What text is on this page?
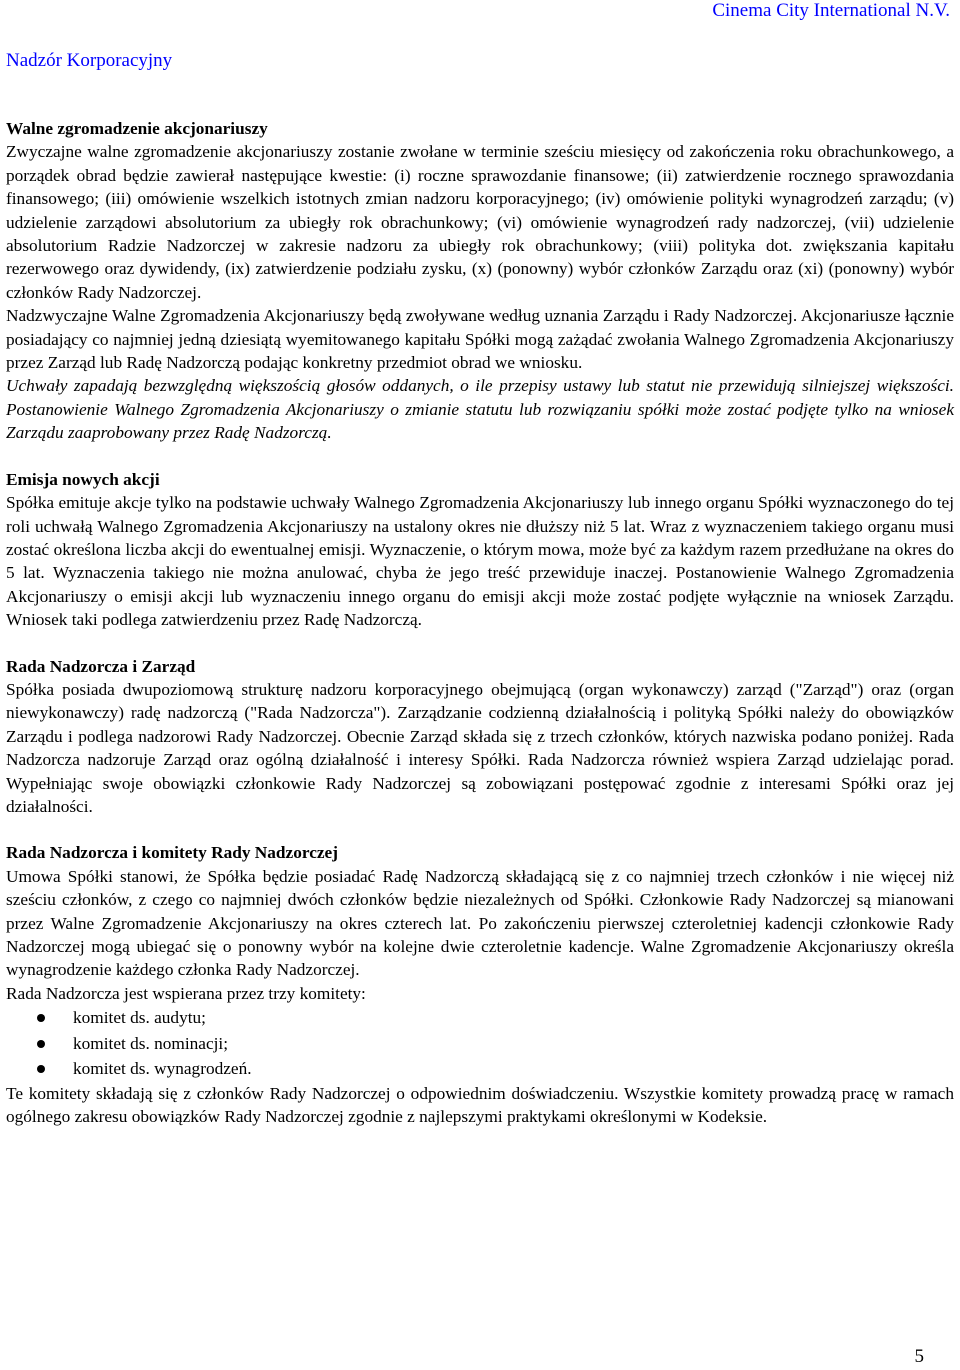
Cinema City International N.V.
Nadzór Korporacyjny
Walne zgromadzenie akcjonariuszy

Zwyczajne walne zgromadzenie akcjonariuszy zostanie zwołane w terminie sześciu miesięcy od zakończenia roku obrachunkowego, a porządek obrad będzie zawierał następujące kwestie: (i) roczne sprawozdanie finansowe; (ii) zatwierdzenie rocznego sprawozdania finansowego; (iii) omówienie wszelkich istotnych zmian nadzoru korporacyjnego; (iv) omówienie polityki wynagrodzeń zarządu; (v) udzielenie zarządowi absolutorium za ubiegły rok obrachunkowy; (vi) omówienie wynagrodzeń rady nadzorczej, (vii) udzielenie absolutorium Radzie Nadzorczej w zakresie nadzoru za ubiegły rok obrachunkowy; (viii) polityka dot. zwiększania kapitału rezerwowego oraz dywidendy, (ix) zatwierdzenie podziału zysku, (x) (ponowny) wybór członków Zarządu oraz (xi) (ponowny) wybór członków Rady Nadzorczej.

Nadzwyczajne Walne Zgromadzenia Akcjonariuszy będą zwoływane według uznania Zarządu i Rady Nadzorczej. Akcjonariusze łącznie posiadający co najmniej jedną dziesiątą wyemitowanego kapitału Spółki mogą zażądać zwołania Walnego Zgromadzenia Akcjonariuszy przez Zarząd lub Radę Nadzorczą podając konkretny przedmiot obrad we wniosku.

Uchwały zapadają bezwzględną większością głosów oddanych, o ile przepisy ustawy lub statut nie przewidują silniejszej większości. Postanowienie Walnego Zgromadzenia Akcjonariuszy o zmianie statutu lub rozwiązaniu spółki może zostać podjęte tylko na wniosek Zarządu zaaprobowany przez Radę Nadzorczą.

Emisja nowych akcji

Spółka emituje akcje tylko na podstawie uchwały Walnego Zgromadzenia Akcjonariuszy lub innego organu Spółki wyznaczonego do tej roli uchwałą Walnego Zgromadzenia Akcjonariuszy na ustalony okres nie dłuższy niż 5 lat. Wraz z wyznaczeniem takiego organu musi zostać określona liczba akcji do ewentualnej emisji. Wyznaczenie, o którym mowa, może być za każdym razem przedłużane na okres do 5 lat. Wyznaczenia takiego nie można anulować, chyba że jego treść przewiduje inaczej. Postanowienie Walnego Zgromadzenia Akcjonariuszy o emisji akcji lub wyznaczeniu innego organu do emisji akcji może zostać podjęte wyłącznie na wniosek Zarządu. Wniosek taki podlega zatwierdzeniu przez Radę Nadzorczą.

Rada Nadzorcza i Zarząd

Spółka posiada dwupoziomową strukturę nadzoru korporacyjnego obejmującą (organ wykonawczy) zarząd ("Zarząd") oraz (organ niewykonawczy) radę nadzorczą ("Rada Nadzorcza"). Zarządzanie codzienną działalnością i polityką Spółki należy do obowiązków Zarządu i podlega nadzorowi Rady Nadzorczej. Obecnie Zarząd składa się z trzech członków, których nazwiska podano poniżej. Rada Nadzorcza nadzoruje Zarząd oraz ogólną działalność i interesy Spółki. Rada Nadzorcza również wspiera Zarząd udzielając porad. Wypełniając swoje obowiązki członkowie Rady Nadzorczej są zobowiązani postępować zgodnie z interesami Spółki oraz jej działalności.

Rada Nadzorcza i komitety Rady Nadzorczej

Umowa Spółki stanowi, że Spółka będzie posiadać Radę Nadzorczą składającą się z co najmniej trzech członków i nie więcej niż sześciu członków, z czego co najmniej dwóch członków będzie niezależnych od Spółki. Członkowie Rady Nadzorczej są mianowani przez Walne Zgromadzenie Akcjonariuszy na okres czterech lat. Po zakończeniu pierwszej czteroletniej kadencji członkowie Rady Nadzorczej mogą ubiegać się o ponowny wybór na kolejne dwie czteroletnie kadencje. Walne Zgromadzenie Akcjonariuszy określa wynagrodzenie każdego członka Rady Nadzorczej.

Rada Nadzorcza jest wspierana przez trzy komitety:

komitet ds. audytu;
komitet ds. nominacji;
komitet ds. wynagrodzeń.

Te komitety składają się z członków Rady Nadzorczej o odpowiednim doświadczeniu. Wszystkie komitety prowadzą pracę w ramach ogólnego zakresu obowiązków Rady Nadzorczej zgodnie z najlepszymi praktykami określonymi w Kodeksie.

5
